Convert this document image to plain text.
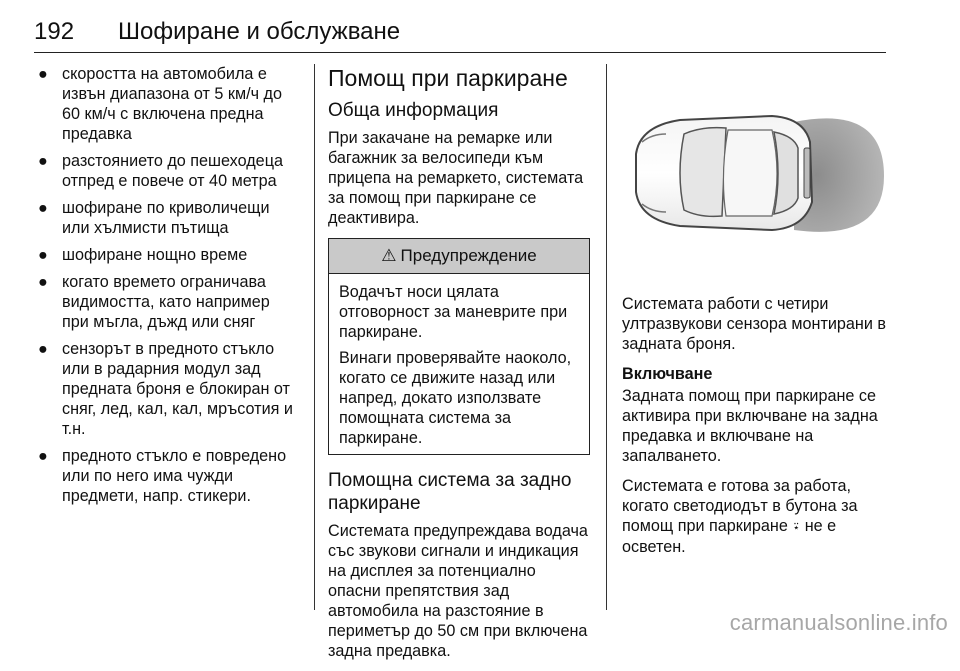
192 Шофиране и обслужване
● скоростта на автомобила е извън диапазона от 5 км/ч до 60 км/ч с включена предна предавка
● разстоянието до пешеходеца отпред е повече от 40 метра
● шофиране по криволичещи или хълмисти пътища
● шофиране нощно време
● когато времето ограничава видимостта, като например при мъгла, дъжд или сняг
● сензорът в предното стъкло или в радарния модул зад предната броня е блокиран от сняг, лед, кал, кал, мръсотия и т.н.
● предното стъкло е повредено или по него има чужди предмети, напр. стикери.
Помощ при паркиране
Обща информация

При закачане на ремарке или багажник за велосипеди към прицепа на ремаркето, системата за помощ при паркиране се деактивира.

⚠ Предупреждение

Водачът носи цялата отговорност за маневрите при паркиране.

Винаги проверявайте наоколо, когато се движите назад или напред, докато използвате помощната система за паркиране.

Помощна система за задно паркиране

Системата предупреждава водача със звукови сигнали и индикация на дисплея за потенциално опасни препятствия зад автомобила на разстояние в периметър до 50 см при включена задна предавка.

Системата работи с четири ултразвукови сензора монтирани в задната броня.

Включване

Задната помощ при паркиране се активира при включване на задна предавка и включване на запалването.

Системата е готова за работа, когато светодиодът в бутона за помощ при паркиране ⍣ не е осветен.

carmanualsonline.info
